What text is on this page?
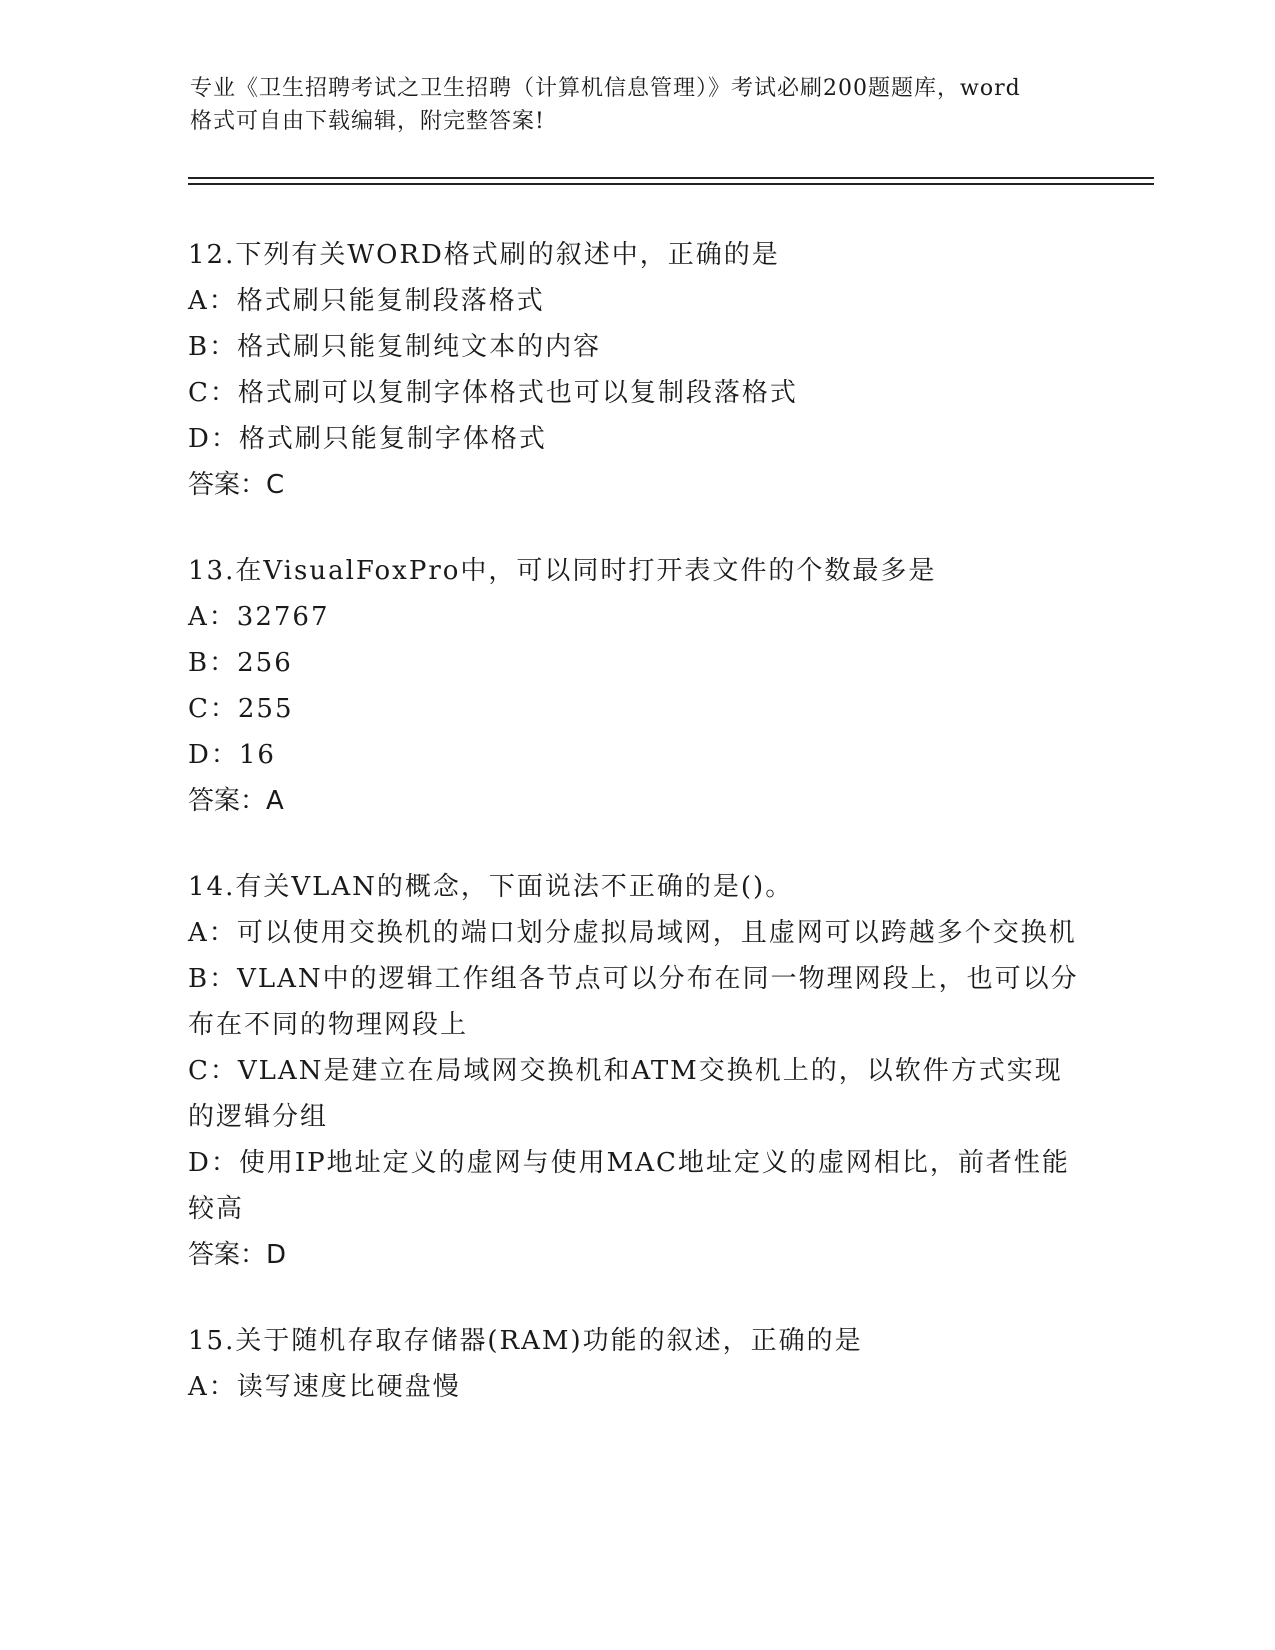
专业《卫生招聘考试之卫生招聘（计算机信息管理）》考试必刷200题题库，word
格式可自由下载编辑，附完整答案!

12.下列有关WORD格式刷的叙述中，正确的是

A：格式刷只能复制段落格式

B：格式刷只能复制纯文本的内容

C：格式刷可以复制字体格式也可以复制段落格式

D：格式刷只能复制字体格式

答案：C

13.在VisualFoxPro中，可以同时打开表文件的个数最多是

A：32767

B：256

C：255

D：16

答案：A

14.有关VLAN的概念，下面说法不正确的是()。

A：可以使用交换机的端口划分虚拟局域网，且虚网可以跨越多个交换机

B：VLAN中的逻辑工作组各节点可以分布在同一物理网段上，也可以分布在不同的物理网段上

C：VLAN是建立在局域网交换机和ATM交换机上的，以软件方式实现的逻辑分组

D：使用IP地址定义的虚网与使用MAC地址定义的虚网相比，前者性能较高

答案：D

15.关于随机存取存储器(RAM)功能的叙述，正确的是

A：读写速度比硬盘慢
